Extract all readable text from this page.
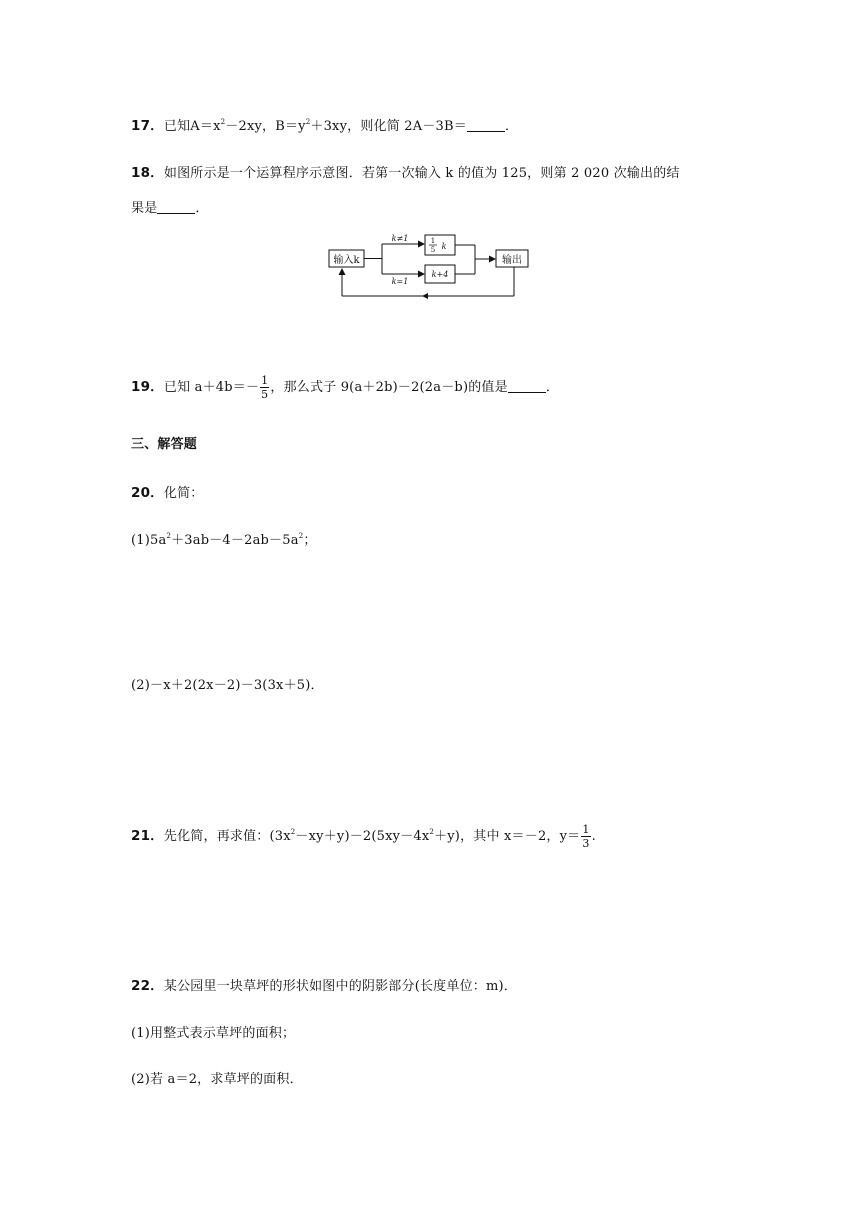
17．已知$A=x^2-2xy$，$B=y^2+3xy$，则化简 2A－3B＝	．
18．如图所示是一个运算程序示意图．若第一次输入 k 的值为 125，则第 2 020 次输出的结
果是	．
输入k
k≠1
k=1
1
5 k
k+4
输出
19．已知 $a+4b=- \frac{1}{5}$ ，那么式子 9(a＋2b)－2(2a－b)的值是	．
三、解答题
20．化简：
$(1)5a^2+3ab-4-2ab-5a^2$；
(2)－x＋2(2x－2)－3(3x＋5)．
21．先化简，再求值：$(3x^2-xy+y)-2(5xy-4x^2+y)$，其中 x＝－2，$y= \frac{1}{3}$ .
22．某公园里一块草坪的形状如图中的阴影部分(长度单位：m)．
(1)用整式表示草坪的面积；
(2)若 a＝2，求草坪的面积．
